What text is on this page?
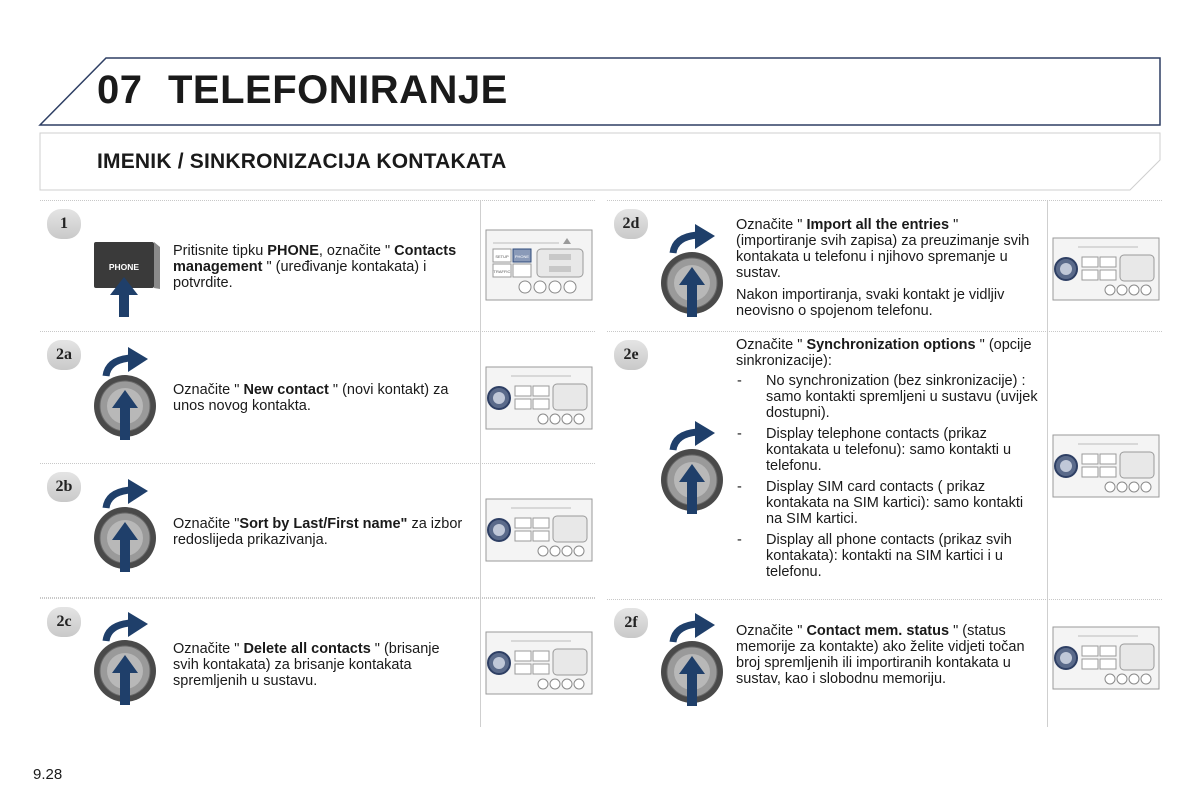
07 TELEFONIRANJE
IMENIK / SINKRONIZACIJA KONTAKATA
1
PHONE
Pritisnite tipku PHONE, označite " Contacts management " (uređivanje kontakata) i potvrdite.
SETUP PHONE
TRAFFIC
2a
Označite " New contact " (novi kontakt) za unos novog kontakta.
2b
Označite "Sort by Last/First name" za izbor redoslijeda prikazivanja.
2c
Označite " Delete all contacts " (brisanje svih kontakata) za brisanje kontakata spremljenih u sustavu.
2d	Označite " Import all the entries " (importiranje svih zapisa) za preuzimanje svih kontakata u telefonu i njihovo spremanje u sustav.

Nakon importiranja, svaki kontakt je vidljiv neovisno o spojenom telefonu.

2e

Označite " Synchronization options " (opcije sinkronizacije):

- No synchronization (bez sinkronizacije) : samo kontakti spremljeni u sustavu (uvijek dostupni).
- Display telephone contacts (prikaz kontakata u telefonu): samo kontakti u telefonu.
- Display SIM card contacts ( prikaz kontakata na SIM kartici): samo kontakti na SIM kartici.
- Display all phone contacts (prikaz svih kontakata): kontakti na SIM kartici i u telefonu.
2f	Označite " Contact mem. status " (status memorije za kontakte) ako želite vidjeti točan broj spremljenih ili importiranih kontakata u sustav, kao i slobodnu memoriju.
9.28
